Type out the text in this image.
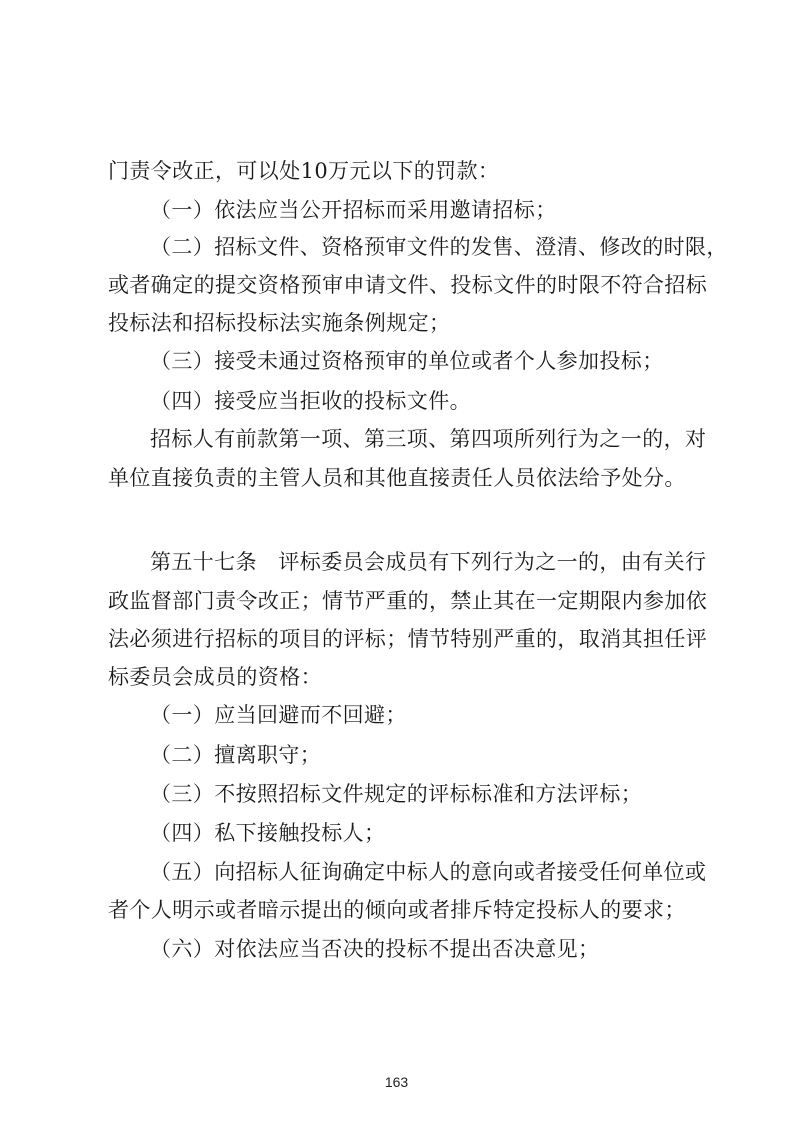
门责令改正，可以处10万元以下的罚款：
（一）依法应当公开招标而采用邀请招标；
（二）招标文件、资格预审文件的发售、澄清、修改的时限，
或者确定的提交资格预审申请文件、投标文件的时限不符合招标
投标法和招标投标法实施条例规定；
（三）接受未通过资格预审的单位或者个人参加投标；
（四）接受应当拒收的投标文件。
招标人有前款第一项、第三项、第四项所列行为之一的，对
单位直接负责的主管人员和其他直接责任人员依法给予处分。
第五十七条　评标委员会成员有下列行为之一的，由有关行
政监督部门责令改正；情节严重的，禁止其在一定期限内参加依
法必须进行招标的项目的评标；情节特别严重的，取消其担任评
标委员会成员的资格：
（一）应当回避而不回避；
（二）擅离职守；
（三）不按照招标文件规定的评标标准和方法评标；
（四）私下接触投标人；
（五）向招标人征询确定中标人的意向或者接受任何单位或
者个人明示或者暗示提出的倾向或者排斥特定投标人的要求；
（六）对依法应当否决的投标不提出否决意见；
163
